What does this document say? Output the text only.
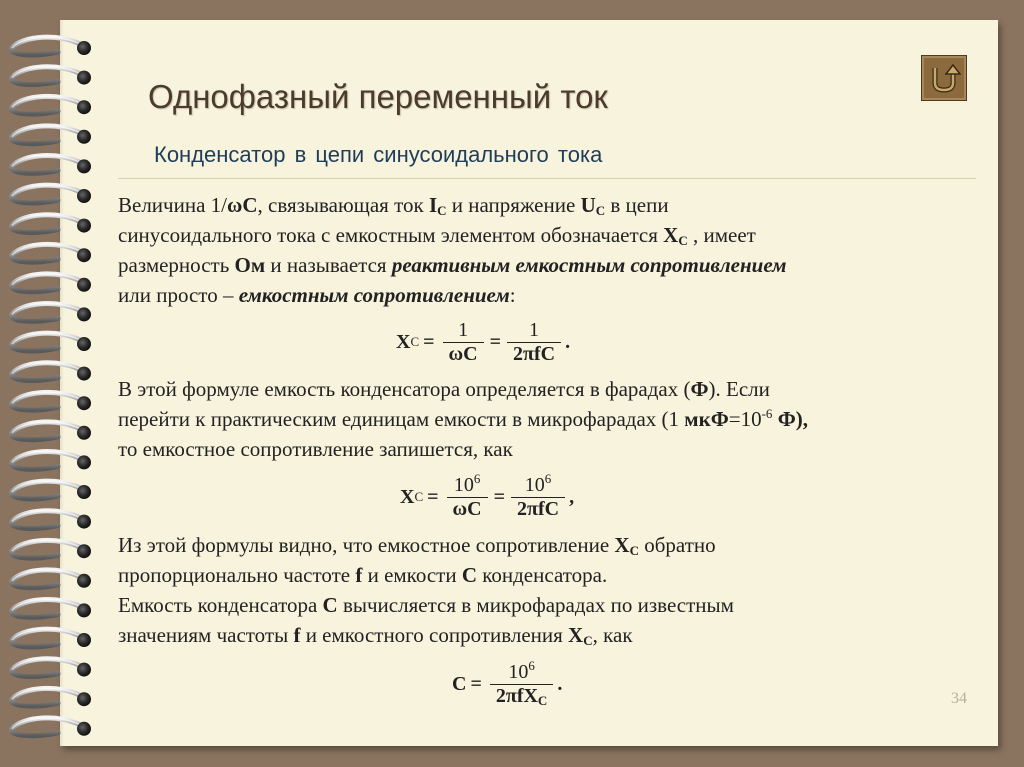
Однофазный переменный ток
Конденсатор в цепи синусоидального тока
Величина 1/ωC, связывающая ток $I_C$ и напряжение $U_C$ в цепи
синусоидального тока с емкостным элементом обозначается $X_C$ , имеет
размерность Ом и называется реактивным емкостным сопротивлением
или просто – емкостным сопротивлением:
X $C = \frac{1}{\omega C} = \frac{1}{\text{2πfC}}$ .
В этой формуле емкость конденсатора определяется в фарадах (Ф). Если
перейти к практическим единицам емкости в микрофарадах (1 $мкФ=10^{-6}$ Ф),
то емкостное сопротивление запишется, как
X $C = \frac{10^6}{\omega C} = \frac{10^6}{\text{2πfC}}$ ,
Из этой формулы видно, что емкостное сопротивление $X_C$ обратно
пропорционально частоте f и емкости C конденсатора.
Емкость конденсатора C вычисляется в микрофарадах по известным
значениям частоты f и емкостного сопротивления $X_C$, как
$C = \frac{10^6}{2\pi fX_C}$ .
34
